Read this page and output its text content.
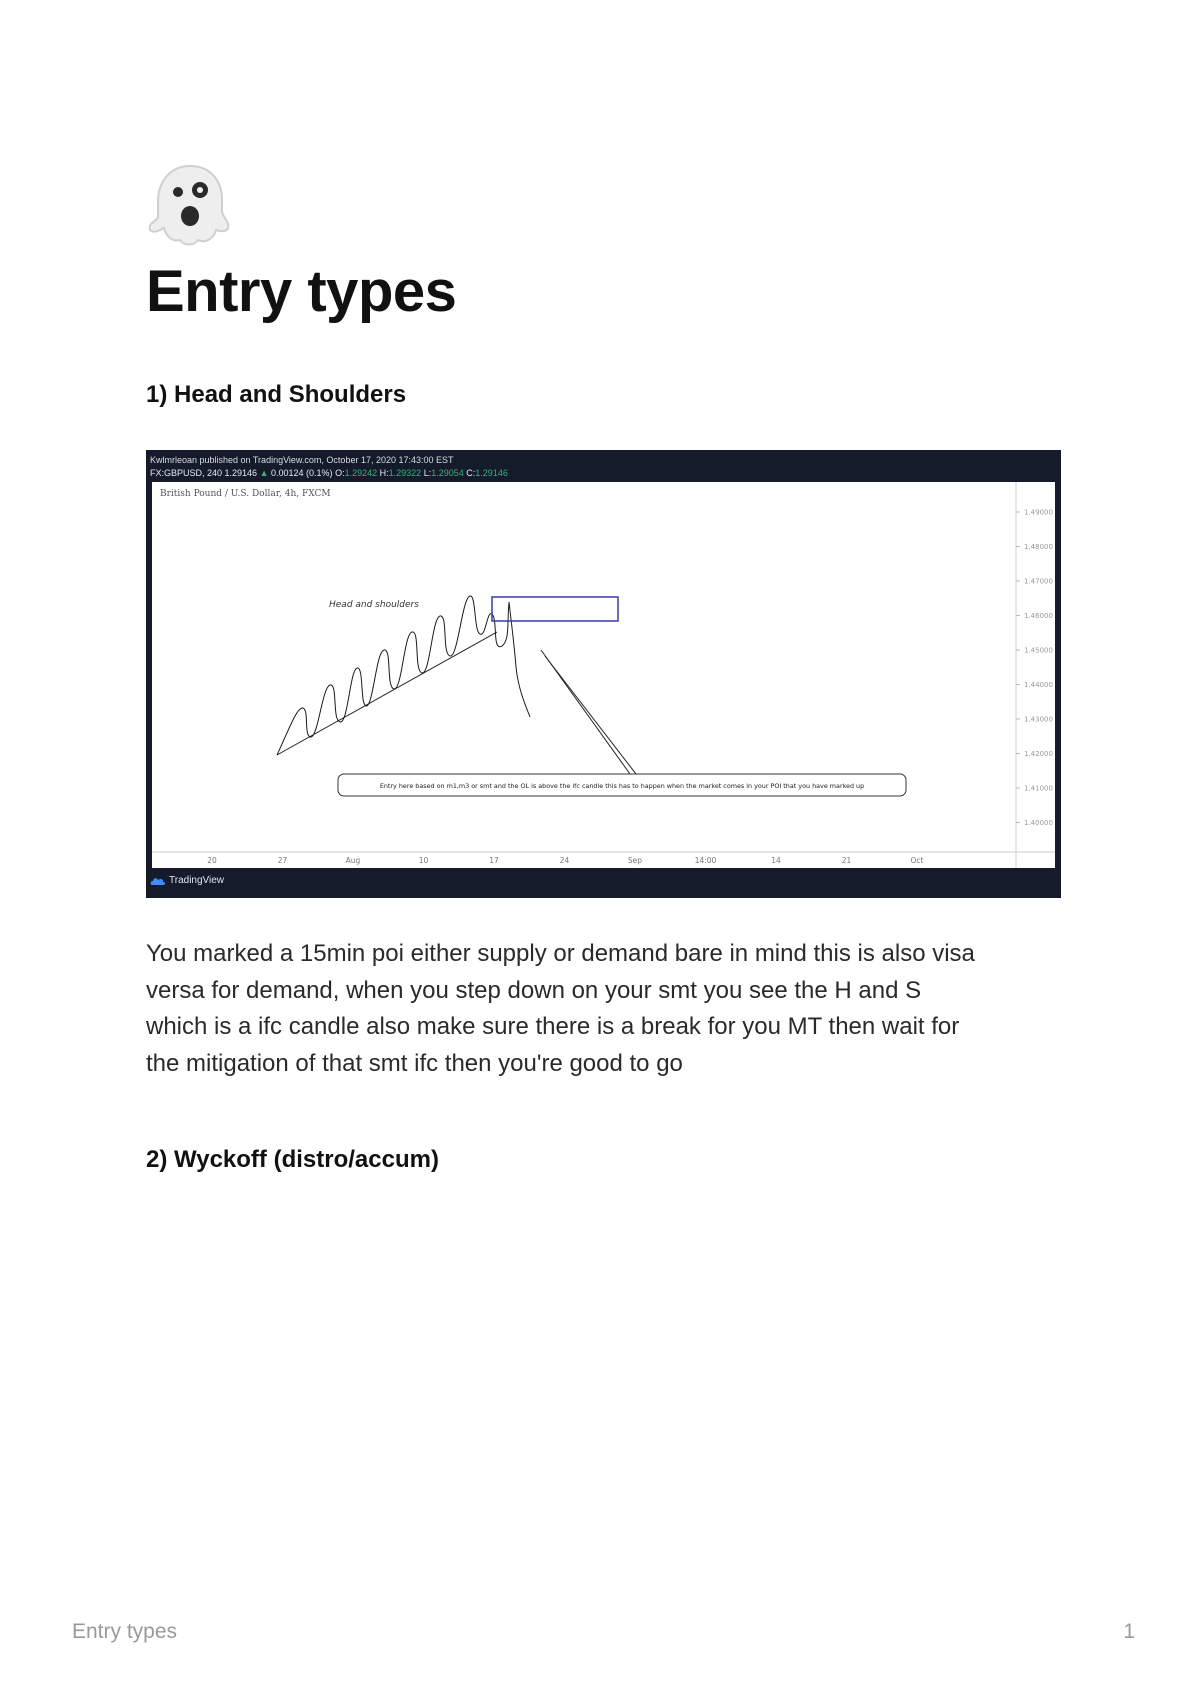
Entry types
1) Head and Shoulders
Kwlmrleoan published on TradingView.com, October 17, 2020 17:43:00 EST
FX:GBPUSD, 240 1.29146 ▲ 0.00124 (0.1%) O:1.29242 H:1.29322 L:1.29054 C:1.29146
1.49000
1.48000
1.47000
1.46000
1.45000
1.44000
1.43000
1.42000
1.41000
1.40000
20	27	Aug	10	17	24	Sep	14:00	14	21	Oct
Entry here based on m1,m3 or smt and the OL is above the ifc candle this has to happen when the market comes in your POI that you have marked up
Head and shoulders
British Pound / U.S. Dollar, 4h, FXCM
TradingView
You marked a 15min poi either supply or demand bare in mind this is also visa
versa for demand, when you step down on your smt you see the H and S
which is a ifc candle also make sure there is a break for you MT then wait for
the mitigation of that smt ifc then you're good to go
2) Wyckoff (distro/accum)
Entry types	1
